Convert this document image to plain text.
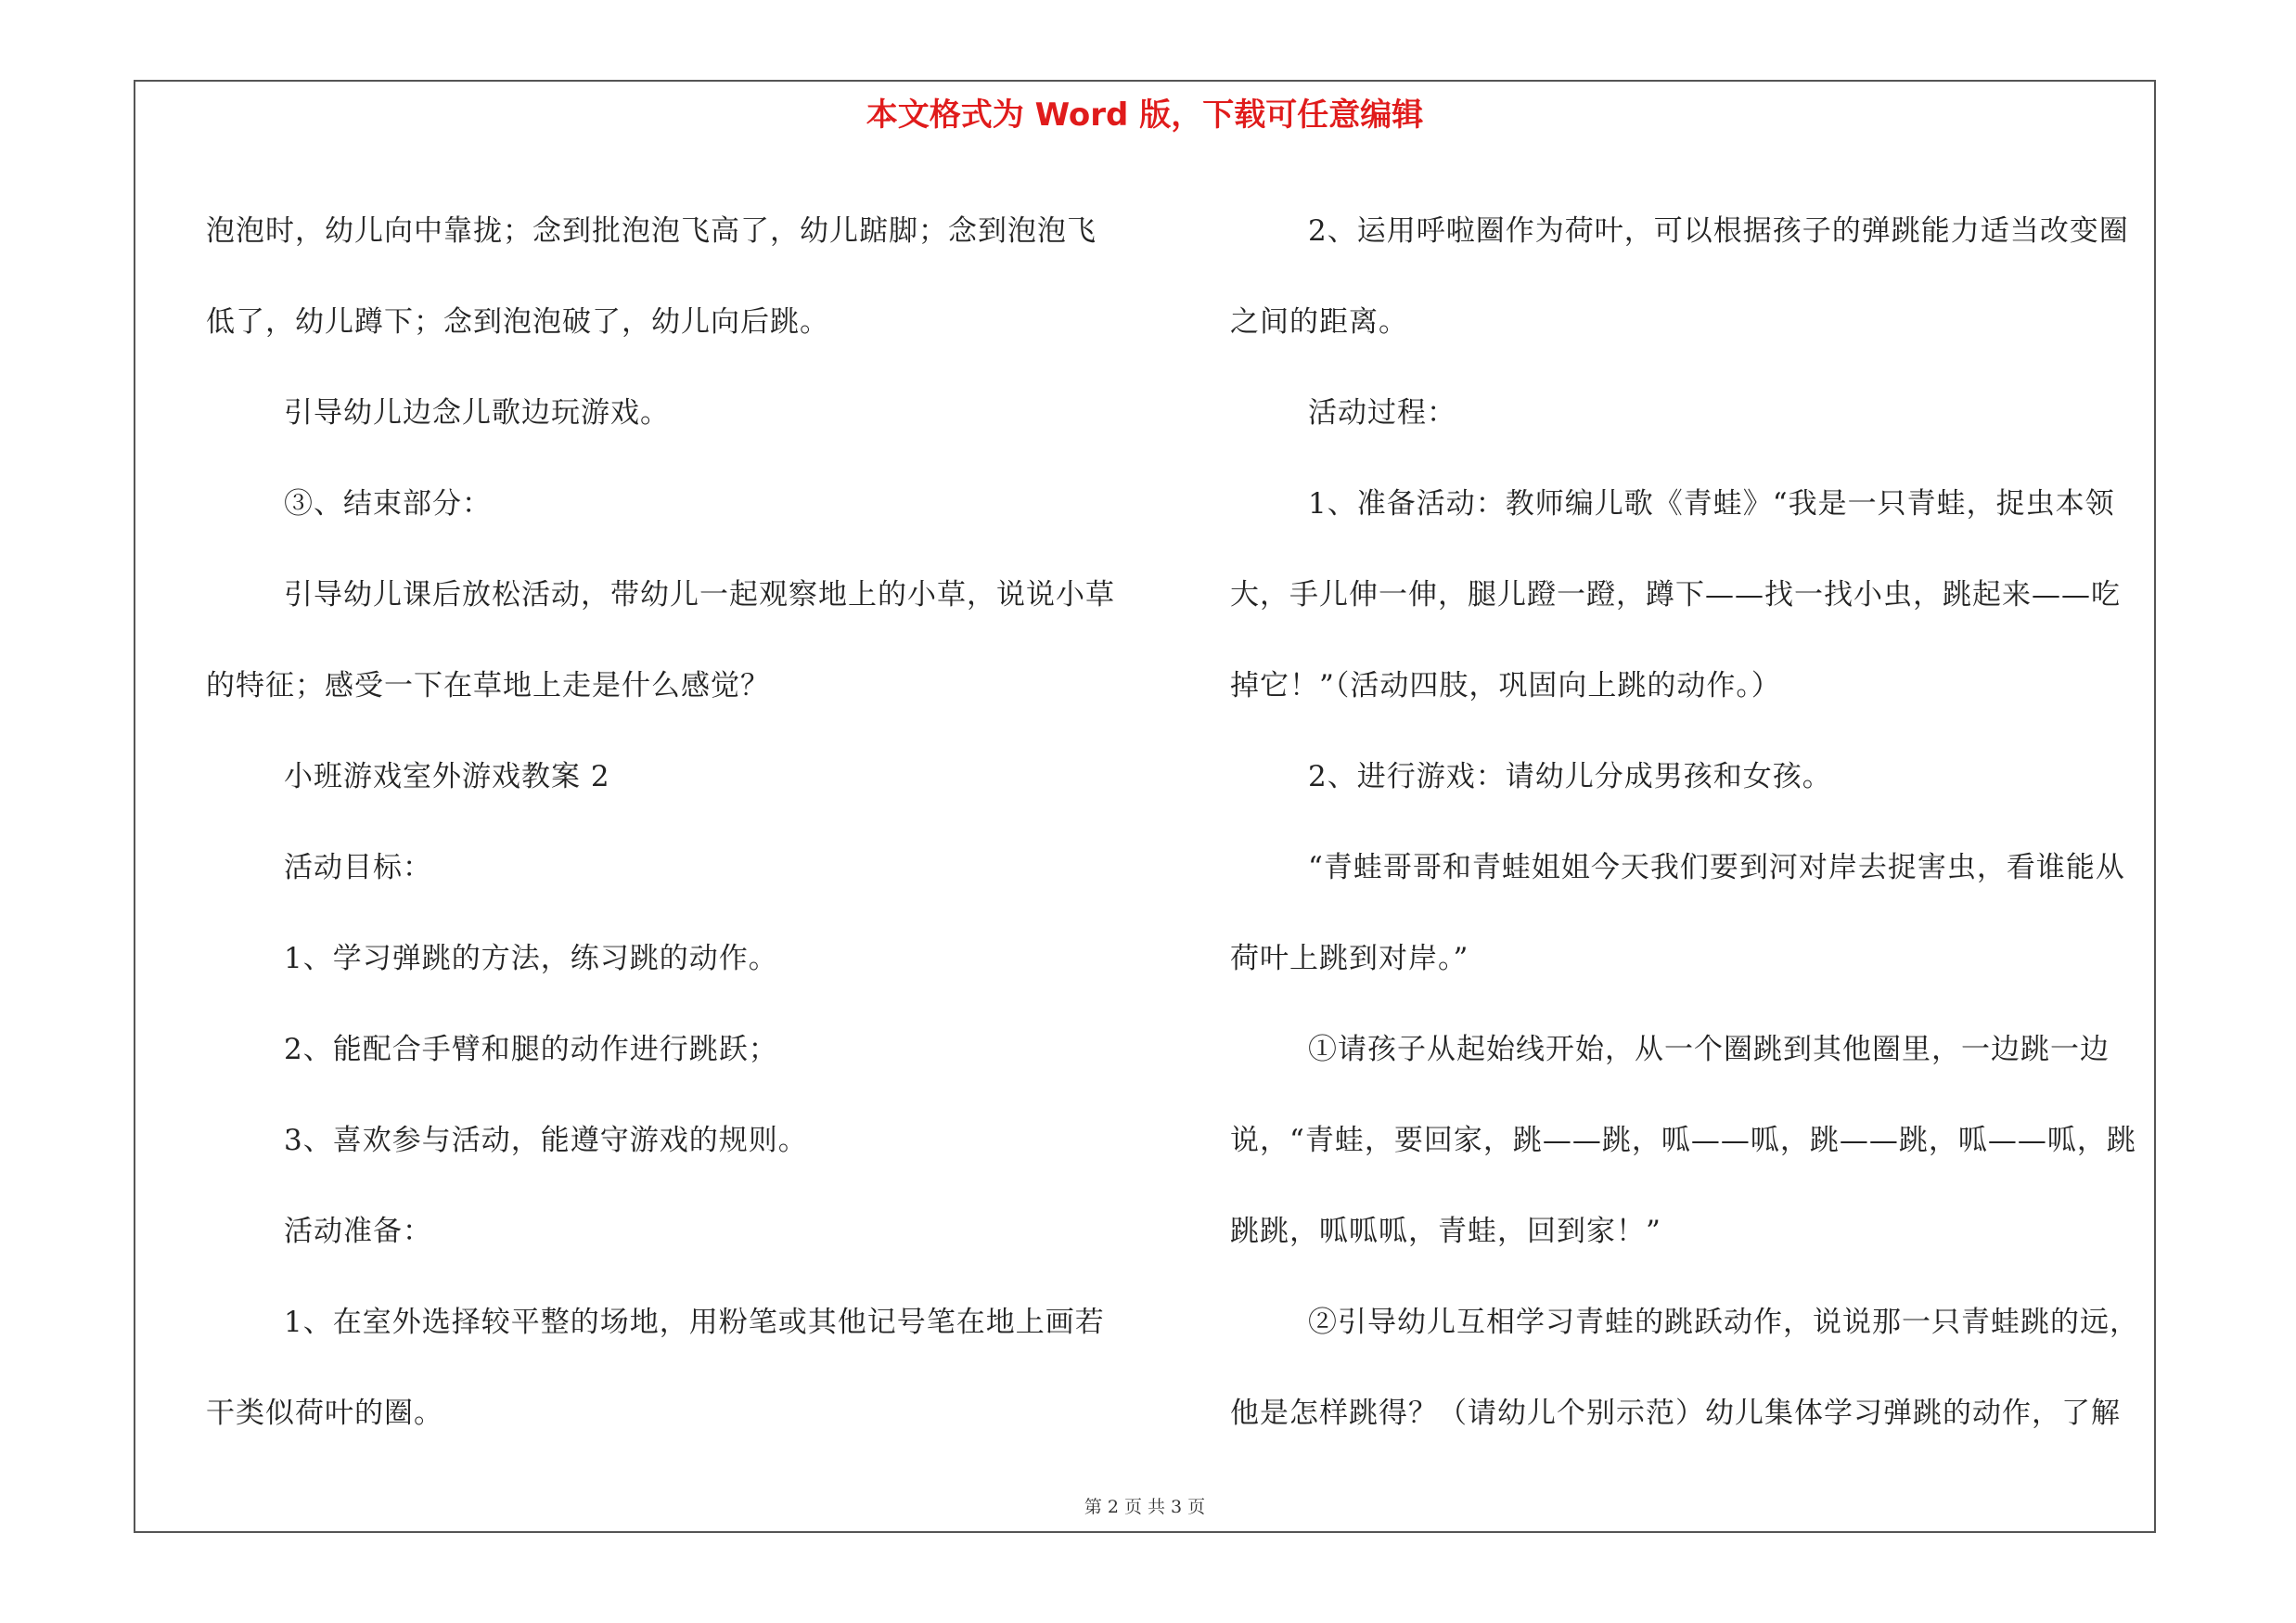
本文格式为 Word 版，下载可任意编辑

泡泡时，幼儿向中靠拢；念到批泡泡飞高了，幼儿踮脚；念到泡泡飞低了，幼儿蹲下；念到泡泡破了，幼儿向后跳。

引导幼儿边念儿歌边玩游戏。

③、结束部分：

引导幼儿课后放松活动，带幼儿一起观察地上的小草，说说小草的特征；感受一下在草地上走是什么感觉？

小班游戏室外游戏教案 2

活动目标：

1、学习弹跳的方法，练习跳的动作。

2、能配合手臂和腿的动作进行跳跃；

3、喜欢参与活动，能遵守游戏的规则。

活动准备：

1、在室外选择较平整的场地，用粉笔或其他记号笔在地上画若干类似荷叶的圈。

2、运用呼啦圈作为荷叶，可以根据孩子的弹跳能力适当改变圈之间的距离。

活动过程：

1、准备活动：教师编儿歌《青蛙》“我是一只青蛙，捉虫本领大，手儿伸一伸，腿儿蹬一蹬，蹲下——找一找小虫，跳起来——吃掉它！”（活动四肢，巩固向上跳的动作。）

2、进行游戏：请幼儿分成男孩和女孩。

“青蛙哥哥和青蛙姐姐今天我们要到河对岸去捉害虫，看谁能从荷叶上跳到对岸。”

①请孩子从起始线开始，从一个圈跳到其他圈里，一边跳一边说，“青蛙，要回家，跳——跳，呱——呱，跳——跳，呱——呱，跳跳跳，呱呱呱，青蛙，回到家！”

②引导幼儿互相学习青蛙的跳跃动作，说说那一只青蛙跳的远，他是怎样跳得？（请幼儿个别示范）幼儿集体学习弹跳的动作，了解

第 2 页 共 3 页
